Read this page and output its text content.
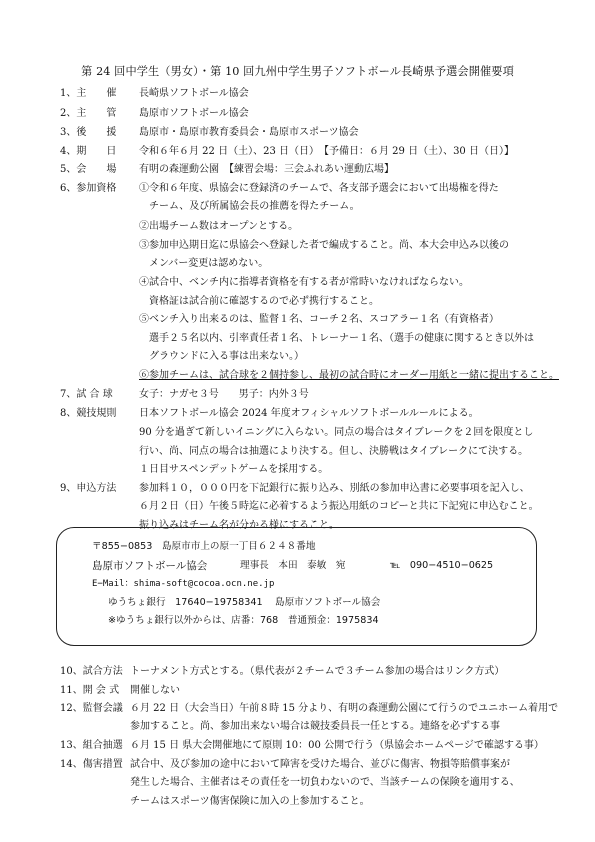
第 24 回中学生（男女）・第 10 回九州中学生男子ソフトボール長崎県予選会開催要項
1、主　　催	長崎県ソフトボール協会
2、主　　管	島原市ソフトボール協会
3、後　　援	島原市・島原市教育委員会・島原市スポーツ協会
4、期　　日	令和６年６月 22 日（土）、23 日（日）　【予備日：６月 29 日（土）、30 日（日）】
5、会　　場	有明の森運動公園　【練習会場：三会ふれあい運動広場】
6、参加資格	①令和６年度、県協会に登録済のチームで、各支部予選会において出場権を得た
　チーム、及び所属協会長の推薦を得たチーム。
②出場チーム数はオープンとする。
③参加申込期日迄に県協会へ登録した者で編成すること。尚、本大会申込み以後の
　メンバー変更は認めない。
④試合中、ベンチ内に指導者資格を有する者が常時いなければならない。
　資格証は試合前に確認するので必ず携行すること。
⑤ベンチ入り出来るのは、監督１名、コーチ２名、スコアラー１名（有資格者）
　選手２５名以内、引率責任者１名、トレーナー１名、（選手の健康に関するとき以外は
　グラウンドに入る事は出来ない。）
⑥参加チームは、試合球を２個持参し、最初の試合時にオーダー用紙と一緒に提出すること。
7、試 合 球	女子：ナガセ３号　　男子：内外３号
8、競技規則	日本ソフトボール協会 2024 年度オフィシャルソフトボールルールによる。
90 分を過ぎて新しいイニングに入らない。同点の場合はタイブレークを２回を限度とし
行い、尚、同点の場合は抽選により決する。但し、決勝戦はタイブレークにて決する。
１日目サスペンデットゲームを採用する。
9、申込方法	参加料１０，０００円を下記銀行に振り込み、別紙の参加申込書に必要事項を記入し、
６月２日（日）午後５時迄に必着するよう振込用紙のコピーと共に下記宛に申込むこと。
振り込みはチーム名が分かる様にすること。
〒855−0853　島原市市上の原一丁目６２４８番地
島原市ソフトボール協会	理事長　本田　泰敏　宛	℡　090−4510−0625
E−Mail：shima-soft@cocoa.ocn.ne.jp
ゆうちょ銀行　17640−19758341 島原市ソフトボール協会
※ゆうちょ銀行以外からは、店番：768　普通預金：1975834
10、試合方法 トーナメント方式とする。（県代表が２チームで３チーム参加の場合はリンク方式）
11、開 会 式	開催しない
12、監督会議 ６月 22 日（大会当日）午前８時 15 分より、有明の森運動公園にて行うのでユニホーム着用で
参加すること。尚、参加出来ない場合は競技委員長一任とする。連絡を必ずする事
13、組合抽選 ６月 15 日 県大会開催地にて原則 10：00 公開で行う（県協会ホームページで確認する事）
14、傷害措置 試合中、及び参加の途中において障害を受けた場合、並びに傷害、物損等賠償事案が
発生した場合、主催者はその責任を一切負わないので、当該チームの保険を適用する、
チームはスポーツ傷害保険に加入の上参加すること。
